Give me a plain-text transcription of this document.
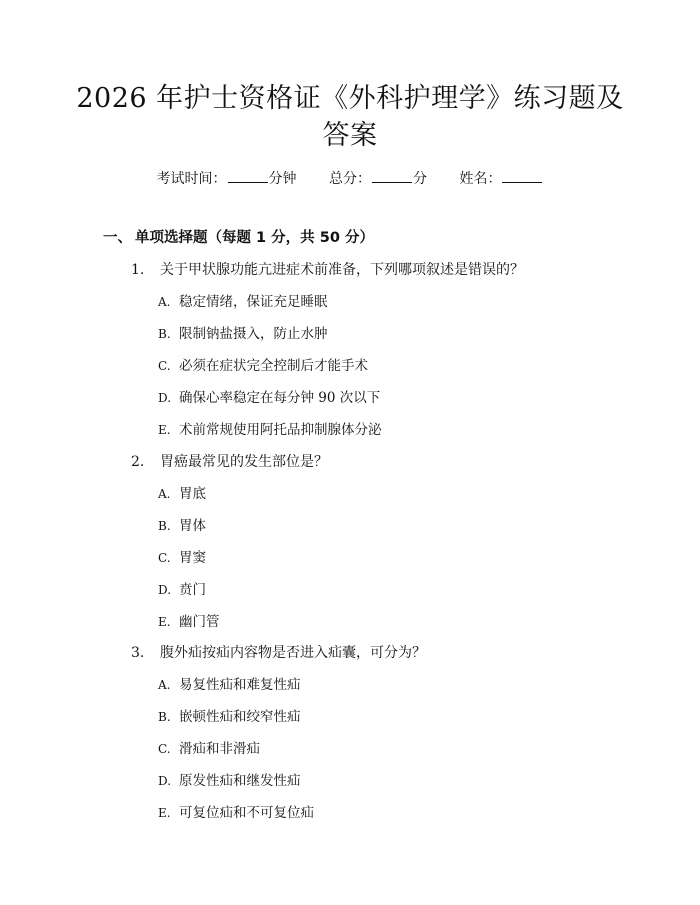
2026 年护士资格证《外科护理学》练习题及
答案
考试时间：	分钟 总分：	分 姓名：
一、 单项选择题（每题 1 分，共 50 分）
1. 关于甲状腺功能亢进症术前准备，下列哪项叙述是错误的？
A. 稳定情绪，保证充足睡眠
B. 限制钠盐摄入，防止水肿
C. 必须在症状完全控制后才能手术
D. 确保心率稳定在每分钟 90 次以下
E. 术前常规使用阿托品抑制腺体分泌
2. 胃癌最常见的发生部位是？
A. 胃底
B. 胃体
C. 胃窦
D. 贲门
E. 幽门管
3. 腹外疝按疝内容物是否进入疝囊，可分为？
A. 易复性疝和难复性疝
B. 嵌顿性疝和绞窄性疝
C. 滑疝和非滑疝
D. 原发性疝和继发性疝
E. 可复位疝和不可复位疝
